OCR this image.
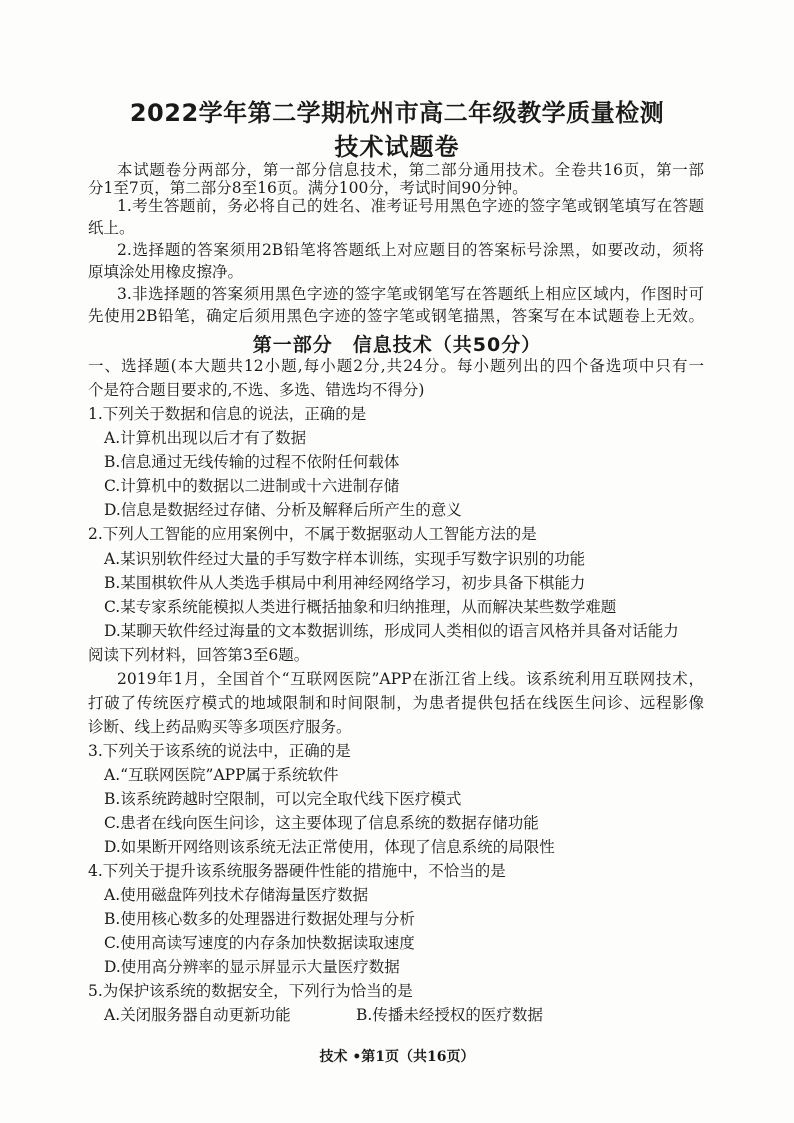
2022学年第二学期杭州市高二年级教学质量检测
技术试题卷
本试题卷分两部分，第一部分信息技术，第二部分通用技术。全卷共16页，第一部
分1至7页，第二部分8至16页。满分100分，考试时间90分钟。
1.考生答题前，务必将自己的姓名、准考证号用黑色字迹的签字笔或钢笔填写在答题
纸上。
2.选择题的答案须用2B铅笔将答题纸上对应题目的答案标号涂黑，如要改动，须将
原填涂处用橡皮擦净。
3.非选择题的答案须用黑色字迹的签字笔或钢笔写在答题纸上相应区域内，作图时可
第一部分　信息技术（共50分）
一、选择题(本大题共12小题,每小题2分,共24分。每小题列出的四个备选项中只有一
个是符合题目要求的,不选、多选、错选均不得分)
1.下列关于数据和信息的说法，正确的是
A.计算机出现以后才有了数据
B.信息通过无线传输的过程不依附任何载体
C.计算机中的数据以二进制或十六进制存储
D.信息是数据经过存储、分析及解释后所产生的意义
2.下列人工智能的应用案例中，不属于数据驱动人工智能方法的是
A.某识别软件经过大量的手写数字样本训练，实现手写数字识别的功能
B.某围棋软件从人类选手棋局中利用神经网络学习，初步具备下棋能力
C.某专家系统能模拟人类进行概括抽象和归纳推理，从而解决某些数学难题
D.某聊天软件经过海量的文本数据训练，形成同人类相似的语言风格并具备对话能力
阅读下列材料，回答第3至6题。
2019年1月，全国首个“互联网医院”APP在浙江省上线。该系统利用互联网技术，
打破了传统医疗模式的地域限制和时间限制，为患者提供包括在线医生问诊、远程影像
诊断、线上药品购买等多项医疗服务。
3.下列关于该系统的说法中，正确的是
A.“互联网医院”APP属于系统软件
B.该系统跨越时空限制，可以完全取代线下医疗模式
C.患者在线向医生问诊，这主要体现了信息系统的数据存储功能
D.如果断开网络则该系统无法正常使用，体现了信息系统的局限性
4.下列关于提升该系统服务器硬件性能的措施中，不恰当的是
A.使用磁盘阵列技术存储海量医疗数据
B.使用核心数多的处理器进行数据处理与分析
C.使用高读写速度的内存条加快数据读取速度
D.使用高分辨率的显示屏显示大量医疗数据
5.为保护该系统的数据安全，下列行为恰当的是
A.关闭服务器自动更新功能	B.传播未经授权的医疗数据
技术 •第1页（共16页）
先使用2B铅笔，确定后须用黑色字迹的签字笔或钢笔描黑，答案写在本试题卷上无效。
